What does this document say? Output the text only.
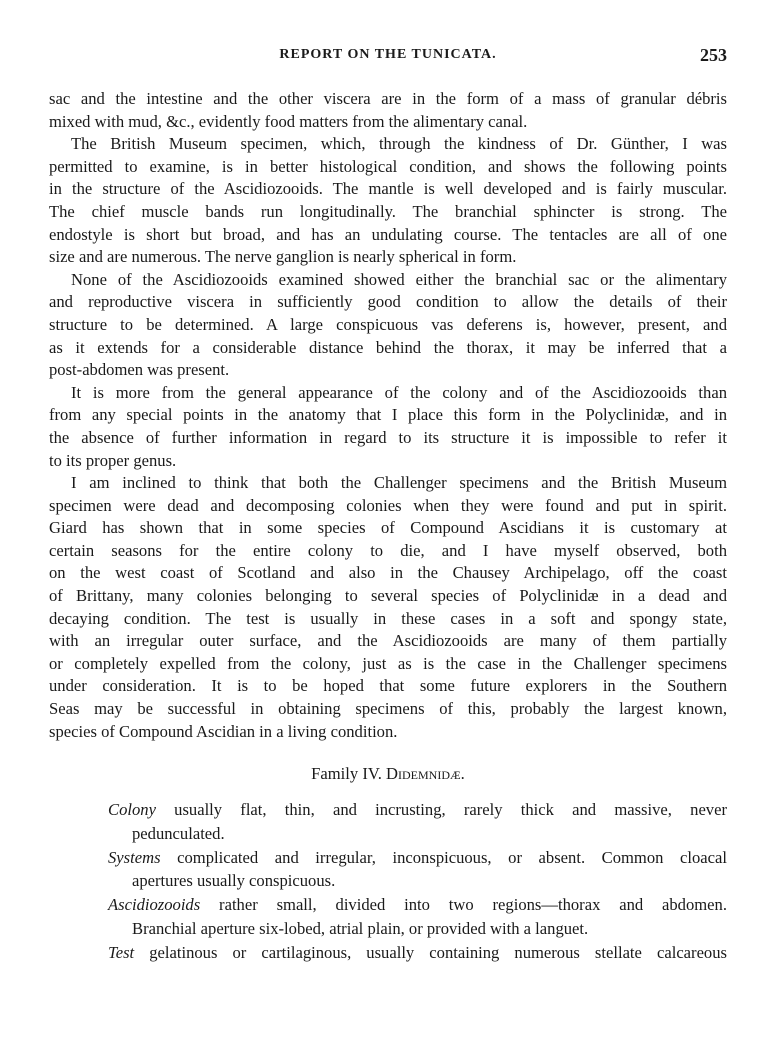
REPORT ON THE TUNICATA.	253
sac and the intestine and the other viscera are in the form of a mass of granular débris
mixed with mud, &c., evidently food matters from the alimentary canal.
The British Museum specimen, which, through the kindness of Dr. Günther, I was
permitted to examine, is in better histological condition, and shows the following points
in the structure of the Ascidiozooids. The mantle is well developed and is fairly muscular.
The chief muscle bands run longitudinally. The branchial sphincter is strong. The
endostyle is short but broad, and has an undulating course. The tentacles are all of one
size and are numerous. The nerve ganglion is nearly spherical in form.
None of the Ascidiozooids examined showed either the branchial sac or the alimentary
and reproductive viscera in sufficiently good condition to allow the details of their
structure to be determined. A large conspicuous vas deferens is, however, present, and
as it extends for a considerable distance behind the thorax, it may be inferred that a
post-abdomen was present.
It is more from the general appearance of the colony and of the Ascidiozooids than
from any special points in the anatomy that I place this form in the Polyclinidæ, and in
the absence of further information in regard to its structure it is impossible to refer it
to its proper genus.
I am inclined to think that both the Challenger specimens and the British Museum
specimen were dead and decomposing colonies when they were found and put in spirit.
Giard has shown that in some species of Compound Ascidians it is customary at
certain seasons for the entire colony to die, and I have myself observed, both
on the west coast of Scotland and also in the Chausey Archipelago, off the coast
of Brittany, many colonies belonging to several species of Polyclinidæ in a dead and
decaying condition. The test is usually in these cases in a soft and spongy state,
with an irregular outer surface, and the Ascidiozooids are many of them partially
or completely expelled from the colony, just as is the case in the Challenger specimens
under consideration. It is to be hoped that some future explorers in the Southern
Seas may be successful in obtaining specimens of this, probably the largest known,
species of Compound Ascidian in a living condition.
Family IV. Didemnidæ.
Colony usually flat, thin, and incrusting, rarely thick and massive, never
pedunculated.
Systems complicated and irregular, inconspicuous, or absent. Common cloacal
apertures usually conspicuous.
Ascidiozooids rather small, divided into two regions—thorax and abdomen.
Branchial aperture six-lobed, atrial plain, or provided with a languet.
Test gelatinous or cartilaginous, usually containing numerous stellate calcareous
